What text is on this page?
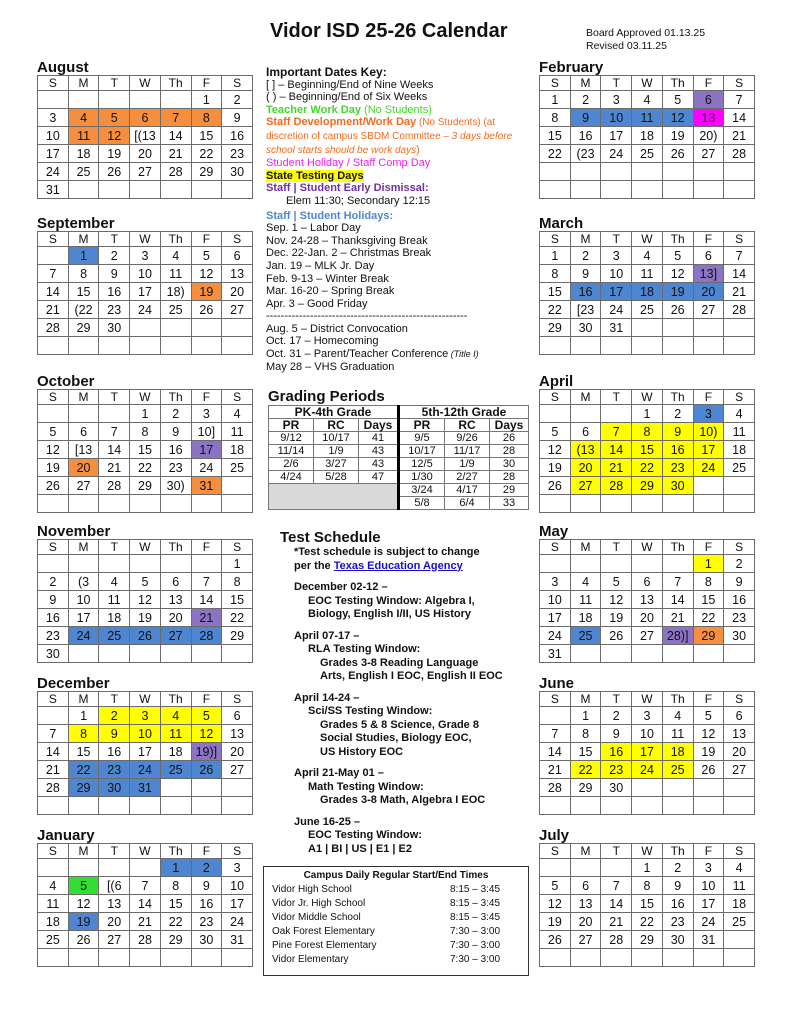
Vidor ISD 25-26 Calendar	Board Approved 01.13.25
Revised 03.11.25
August
S	M	T	W	Th	F	S
					1	2
3	4	5	6	7	8	9
10	11	12	[(13	14	15	16
17	18	19	20	21	22	23
24	25	26	27	28	29	30
31						
September
S	M	T	W	Th	F	S
	1	2	3	4	5	6
7	8	9	10	11	12	13
14	15	16	17	18)	19	20
21	(22	23	24	25	26	27
28	29	30				

October
S	M	T	W	Th	F	S
			1	2	3	4
5	6	7	8	9	10]	11
12	[13	14	15	16	17	18
19	20	21	22	23	24	25
26	27	28	29	30)	31	

November
S	M	T	W	Th	F	S
						1
2	(3	4	5	6	7	8
9	10	11	12	13	14	15
16	17	18	19	20	21	22
23	24	25	26	27	28	29
30						
December
S	M	T	W	Th	F	S
	1	2	3	4	5	6
7	8	9	10	11	12	13
14	15	16	17	18	19)]	20
21	22	23	24	25	26	27
28	29	30	31			

January
S	M	T	W	Th	F	S
				1	2	3
4	5	[(6	7	8	9	10
11	12	13	14	15	16	17
18	19	20	21	22	23	24
25	26	27	28	29	30	31

February
S	M	T	W	Th	F	S
1	2	3	4	5	6	7
8	9	10	11	12	13	14
15	16	17	18	19	20)	21
22	(23	24	25	26	27	28

March
S	M	T	W	Th	F	S
1	2	3	4	5	6	7
8	9	10	11	12	13]	14
15	16	17	18	19	20	21
22	[23	24	25	26	27	28
29	30	31				

April
S	M	T	W	Th	F	S
			1	2	3	4
5	6	7	8	9	10)	11
12	(13	14	15	16	17	18
19	20	21	22	23	24	25
26	27	28	29	30		

May
S	M	T	W	Th	F	S
					1	2
3	4	5	6	7	8	9
10	11	12	13	14	15	16
17	18	19	20	21	22	23
24	25	26	27	28)]	29	30
31						
June
S	M	T	W	Th	F	S
	1	2	3	4	5	6
7	8	9	10	11	12	13
14	15	16	17	18	19	20
21	22	23	24	25	26	27
28	29	30				

July
S	M	T	W	Th	F	S
			1	2	3	4
5	6	7	8	9	10	11
12	13	14	15	16	17	18
19	20	21	22	23	24	25
26	27	28	29	30	31	

Important Dates Key:
[ ] – Beginning/End of Nine Weeks
( ) – Beginning/End of Six Weeks
Teacher Work Day (No Students)
Staff Development/Work Day (No Students) (at discretion of campus SBDM Committee – 3 days before school starts should be work days)
Student Holiday / Staff Comp Day
State Testing Days
Staff | Student Early Dismissal:
Elem 11:30; Secondary 12:15
Staff | Student Holidays:
Sep. 1 – Labor Day
Nov. 24-28 – Thanksgiving Break
Dec. 22-Jan. 2 – Christmas Break
Jan. 19 – MLK Jr. Day
Feb. 9-13 – Winter Break
Mar. 16-20 – Spring Break
Apr. 3 – Good Friday
-------------------------------------------------------
Aug. 5 – District Convocation
Oct. 17 – Homecoming
Oct. 31 – Parent/Teacher Conference (Title I)
May 28 – VHS Graduation
Grading Periods
PK-4th Grade			5th-12th Grade		
PR	RC	Days	PR	RC	Days
9/12	10/17	41	9/5	9/26	26
11/14	1/9	43	10/17	11/17	28
2/6	3/27	43	12/5	1/9	30
4/24	5/28	47	1/30	2/27	28
			3/24	4/17	29
			5/8	6/4	33
Test Schedule
*Test schedule is subject to change
per the Texas Education Agency
December 02-12 –
EOC Testing Window: Algebra I,
Biology, English I/II, US History
April 07-17 –
RLA Testing Window:
Grades 3-8 Reading Language
Arts, English I EOC, English II EOC
April 14-24 –
Sci/SS Testing Window:
Grades 5 & 8 Science, Grade 8
Social Studies, Biology EOC,
US History EOC
April 21-May 01 –
Math Testing Window:
Grades 3-8 Math, Algebra I EOC
June 16-25 –
EOC Testing Window:
A1 | BI | US | E1 | E2
Campus Daily Regular Start/End Times
Vidor High School	8:15 – 3:45
Vidor Jr. High School	8:15 – 3:45
Vidor Middle School	8:15 – 3:45
Oak Forest Elementary	7:30 – 3:00
Pine Forest Elementary	7:30 – 3:00
Vidor Elementary	7:30 – 3:00
